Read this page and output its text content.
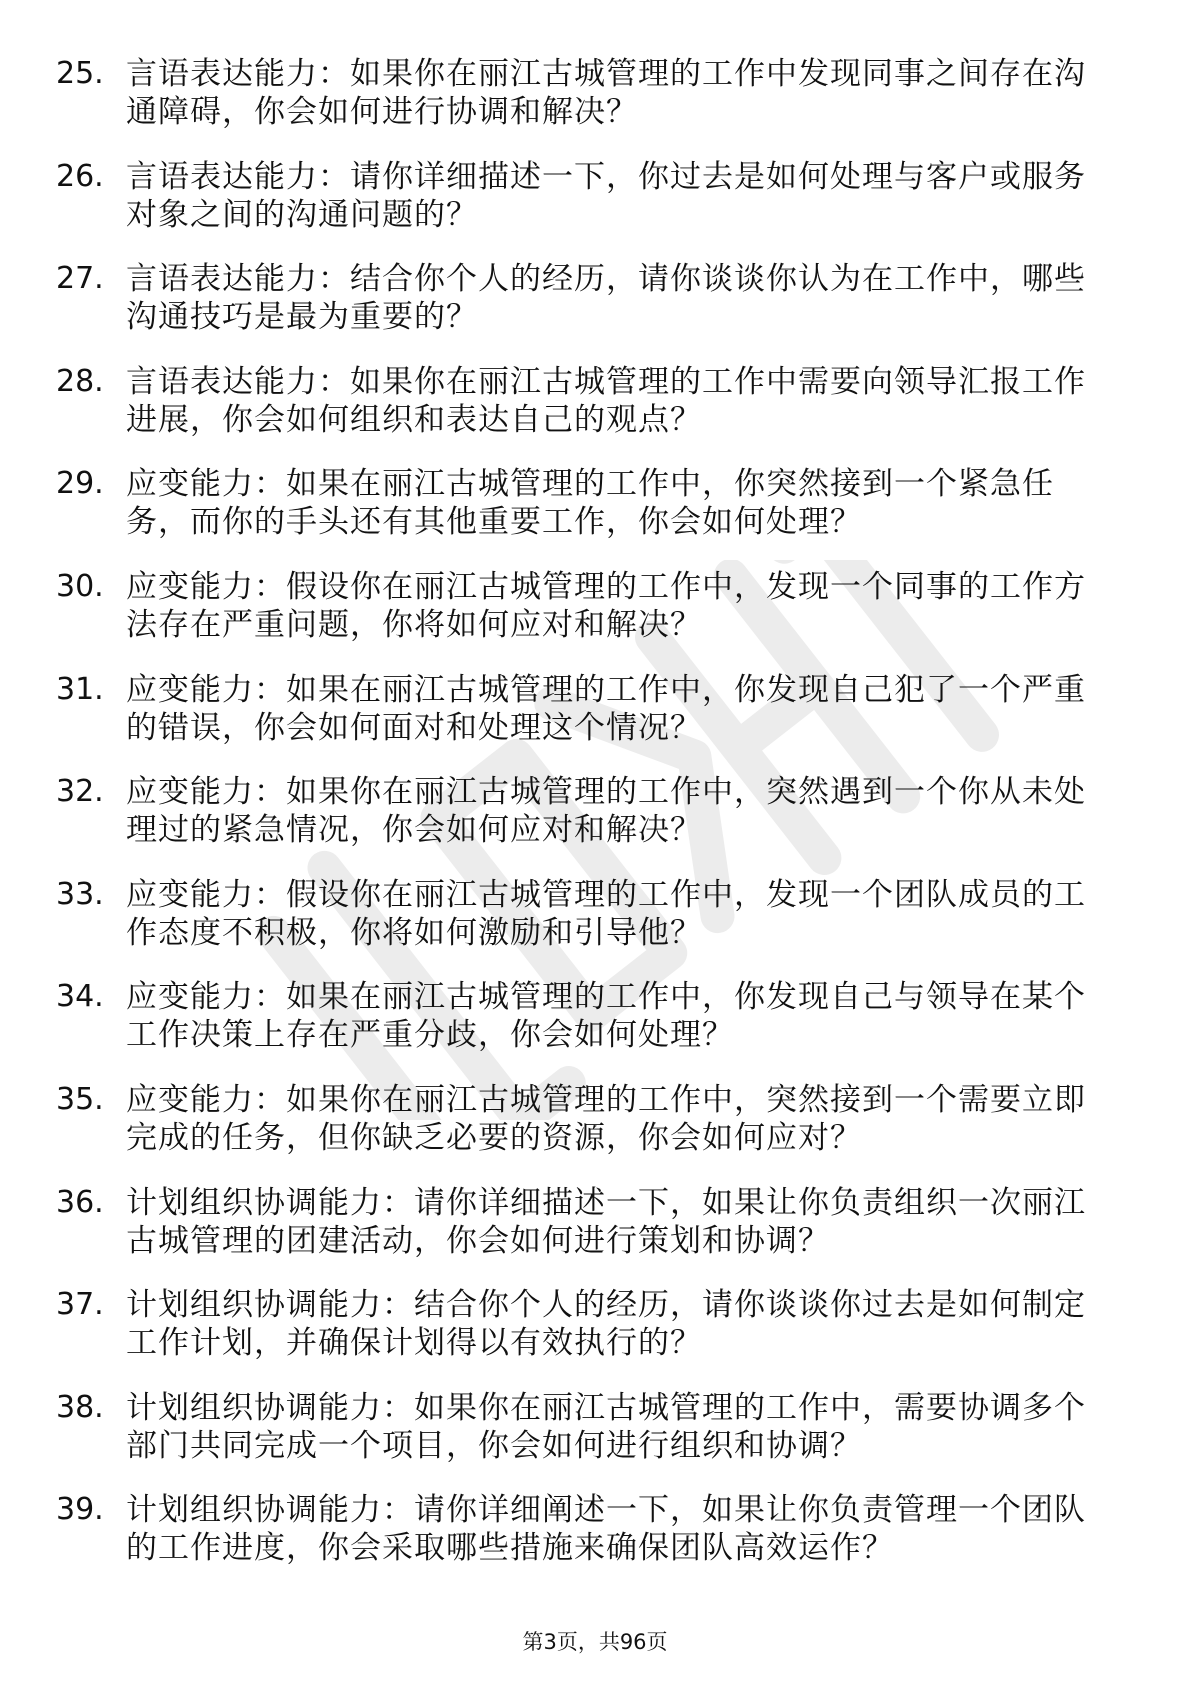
25. 言语表达能力：如果你在丽江古城管理的工作中发现同事之间存在沟通障碍，你会如何进行协调和解决？
26. 言语表达能力：请你详细描述一下，你过去是如何处理与客户或服务对象之间的沟通问题的？
27. 言语表达能力：结合你个人的经历，请你谈谈你认为在工作中，哪些沟通技巧是最为重要的？
28. 言语表达能力：如果你在丽江古城管理的工作中需要向领导汇报工作进展，你会如何组织和表达自己的观点？
29. 应变能力：如果在丽江古城管理的工作中，你突然接到一个紧急任务，而你的手头还有其他重要工作，你会如何处理？
30. 应变能力：假设你在丽江古城管理的工作中，发现一个同事的工作方法存在严重问题，你将如何应对和解决？
31. 应变能力：如果在丽江古城管理的工作中，你发现自己犯了一个严重的错误，你会如何面对和处理这个情况？
32. 应变能力：如果你在丽江古城管理的工作中，突然遇到一个你从未处理过的紧急情况，你会如何应对和解决？
33. 应变能力：假设你在丽江古城管理的工作中，发现一个团队成员的工作态度不积极，你将如何激励和引导他？
34. 应变能力：如果在丽江古城管理的工作中，你发现自己与领导在某个工作决策上存在严重分歧，你会如何处理？
35. 应变能力：如果你在丽江古城管理的工作中，突然接到一个需要立即完成的任务，但你缺乏必要的资源，你会如何应对？
36. 计划组织协调能力：请你详细描述一下，如果让你负责组织一次丽江古城管理的团建活动，你会如何进行策划和协调？
37. 计划组织协调能力：结合你个人的经历，请你谈谈你过去是如何制定工作计划，并确保计划得以有效执行的？
38. 计划组织协调能力：如果你在丽江古城管理的工作中，需要协调多个部门共同完成一个项目，你会如何进行组织和协调？
39. 计划组织协调能力：请你详细阐述一下，如果让你负责管理一个团队的工作进度，你会采取哪些措施来确保团队高效运作？
第3页，共96页
